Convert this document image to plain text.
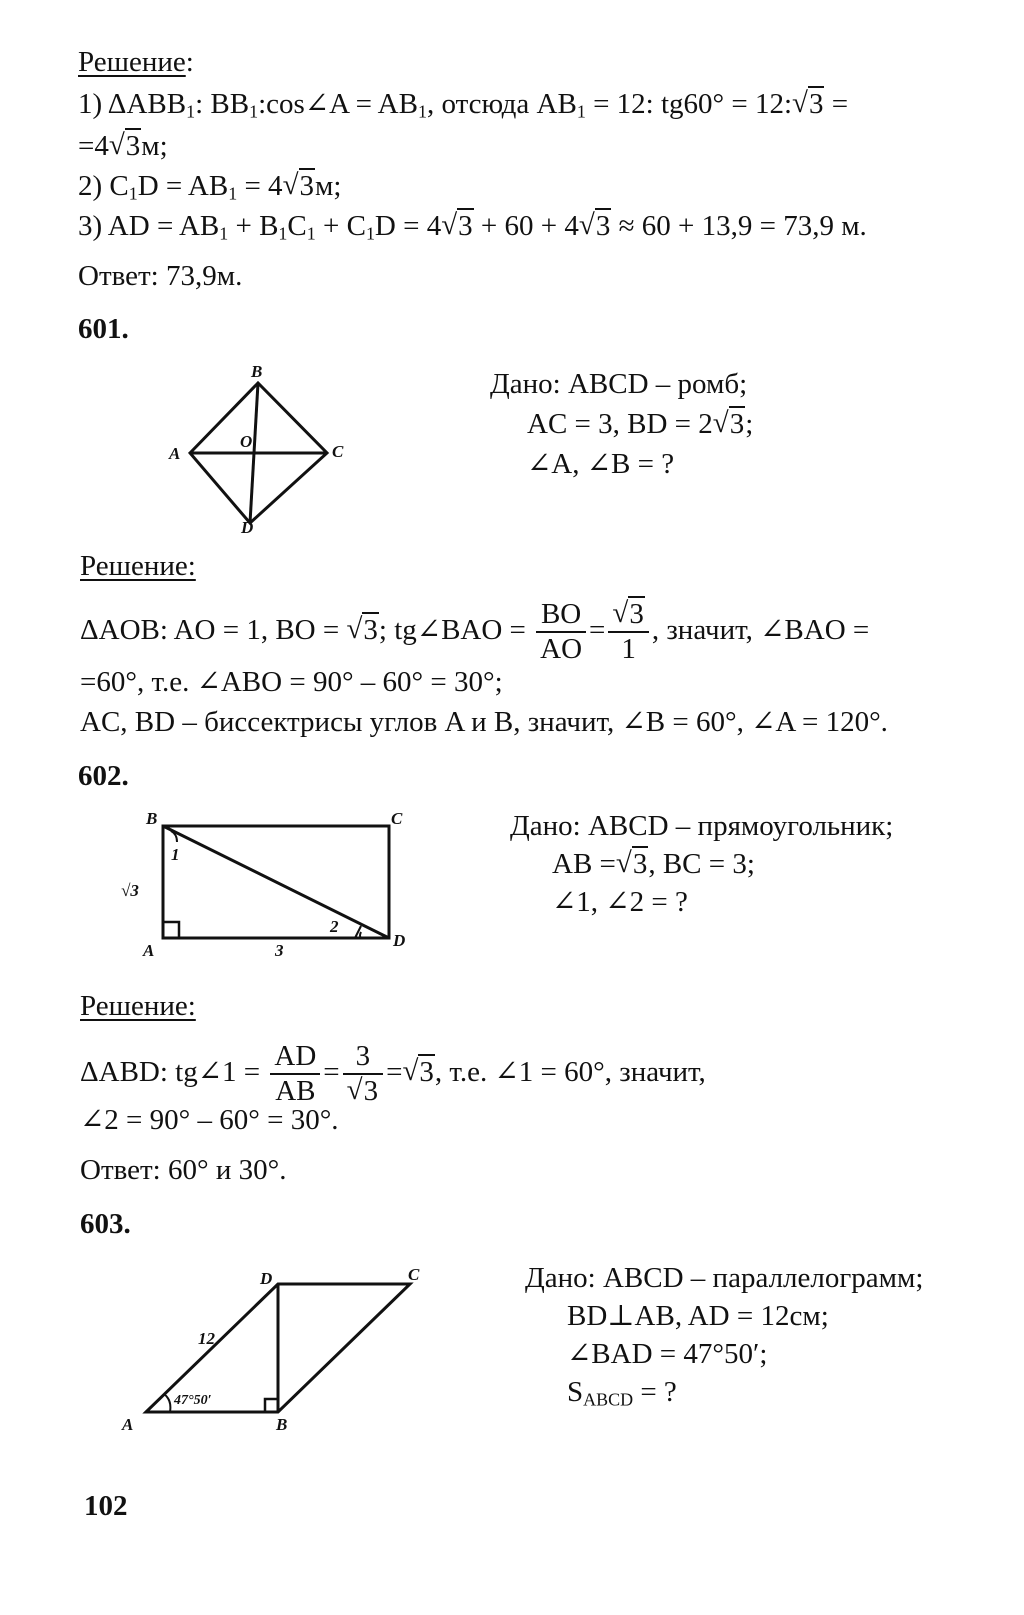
Решение:
1) $\Delta ABB_1$: $BB_1:\cos\angle A = AB_1$, отсюда $AB_1 = 12$: tg60° = 12:√ 3 =
=4√ 3м;
2) $C_1D = AB_1 = 4√$ 3м;
3) AD = $AB_1 + B_1C_1 + C_1D = 4√$ 3 + 60 + 4√ 3 ≈ 60 + 13,9 = 73,9 м.
Ответ: 73,9м.
601.
B
A	C
D
O
Дано: ABCD – ромб;
AC = 3, BD = 2√ 3;
∠A, ∠B = ?
Решение:
ΔAOB: AO = 1, BO = √ 3; tg∠BAO = $\frac{BO}{AO}$ =
√ $\frac{3}{1}$ , значит, ∠BAO =
=60°, т.е. ∠ABO = 90° – 60° = 30°;
AC, BD – биссектрисы углов A и B, значит, ∠B = 60°, ∠A = 120°.
602.
B	C
A
D
1
2
√3
3
Дано: ABCD – прямоугольник;
AB =√ 3, BC = 3;
∠1, ∠2 = ?
Решение:
ΔABD: tg∠1 = $\frac{AD}{AB} = 3$
√ 3 =√ 3, т.е. ∠1 = 60°, значит,
∠2 = 90° – 60° = 30°.
Ответ: 60° и 30°.
603.
D	C
A	B
12
47°50′
Дано: ABCD – параллелограмм;
BD⊥AB, AD = 12см;
∠BAD = 47°50′;
$S_{ABCD}$ = ?
102
